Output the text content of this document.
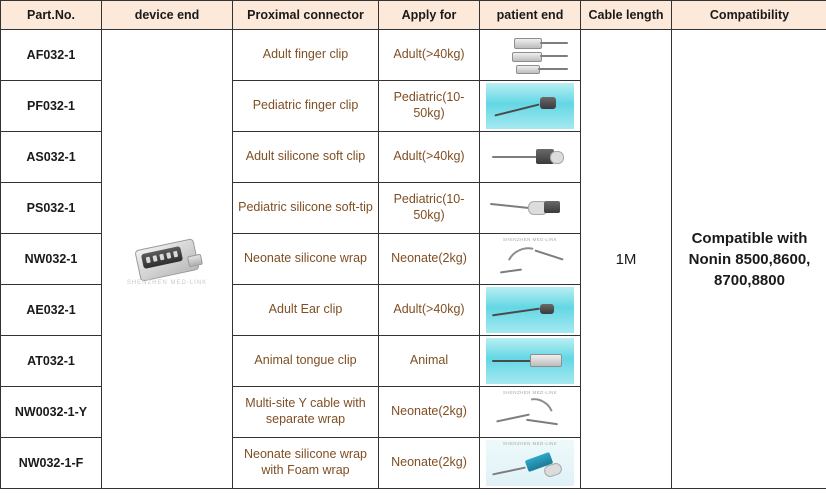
Part.No.	device end	Proximal connector	Apply for	patient end	Cable length	Compatibility
AF032-1	SHENZHEN MED-LINK	Adult finger clip	Adult(>40kg)		1M	Compatible with Nonin 8500,8600, 8700,8800
PF032-1		Pediatric finger clip	Pediatric(10-50kg)			

AS032-1		Adult silicone soft clip	Adult(>40kg)			

PS032-1		Pediatric silicone soft-tip	Pediatric(10-50kg)			

NW032-1		Neonate silicone wrap	Neonate(2kg)	SHENZHEN MED-LINK		

AE032-1		Adult Ear clip	Adult(>40kg)			

AT032-1		Animal tongue clip	Animal			

NW0032-1-Y		Multi-site Y cable with separate wrap	Neonate(2kg)	SHENZHEN MED-LINK		

NW032-1-F		Neonate silicone wrap with Foam wrap	Neonate(2kg)	SHENZHEN MED-LINK		
